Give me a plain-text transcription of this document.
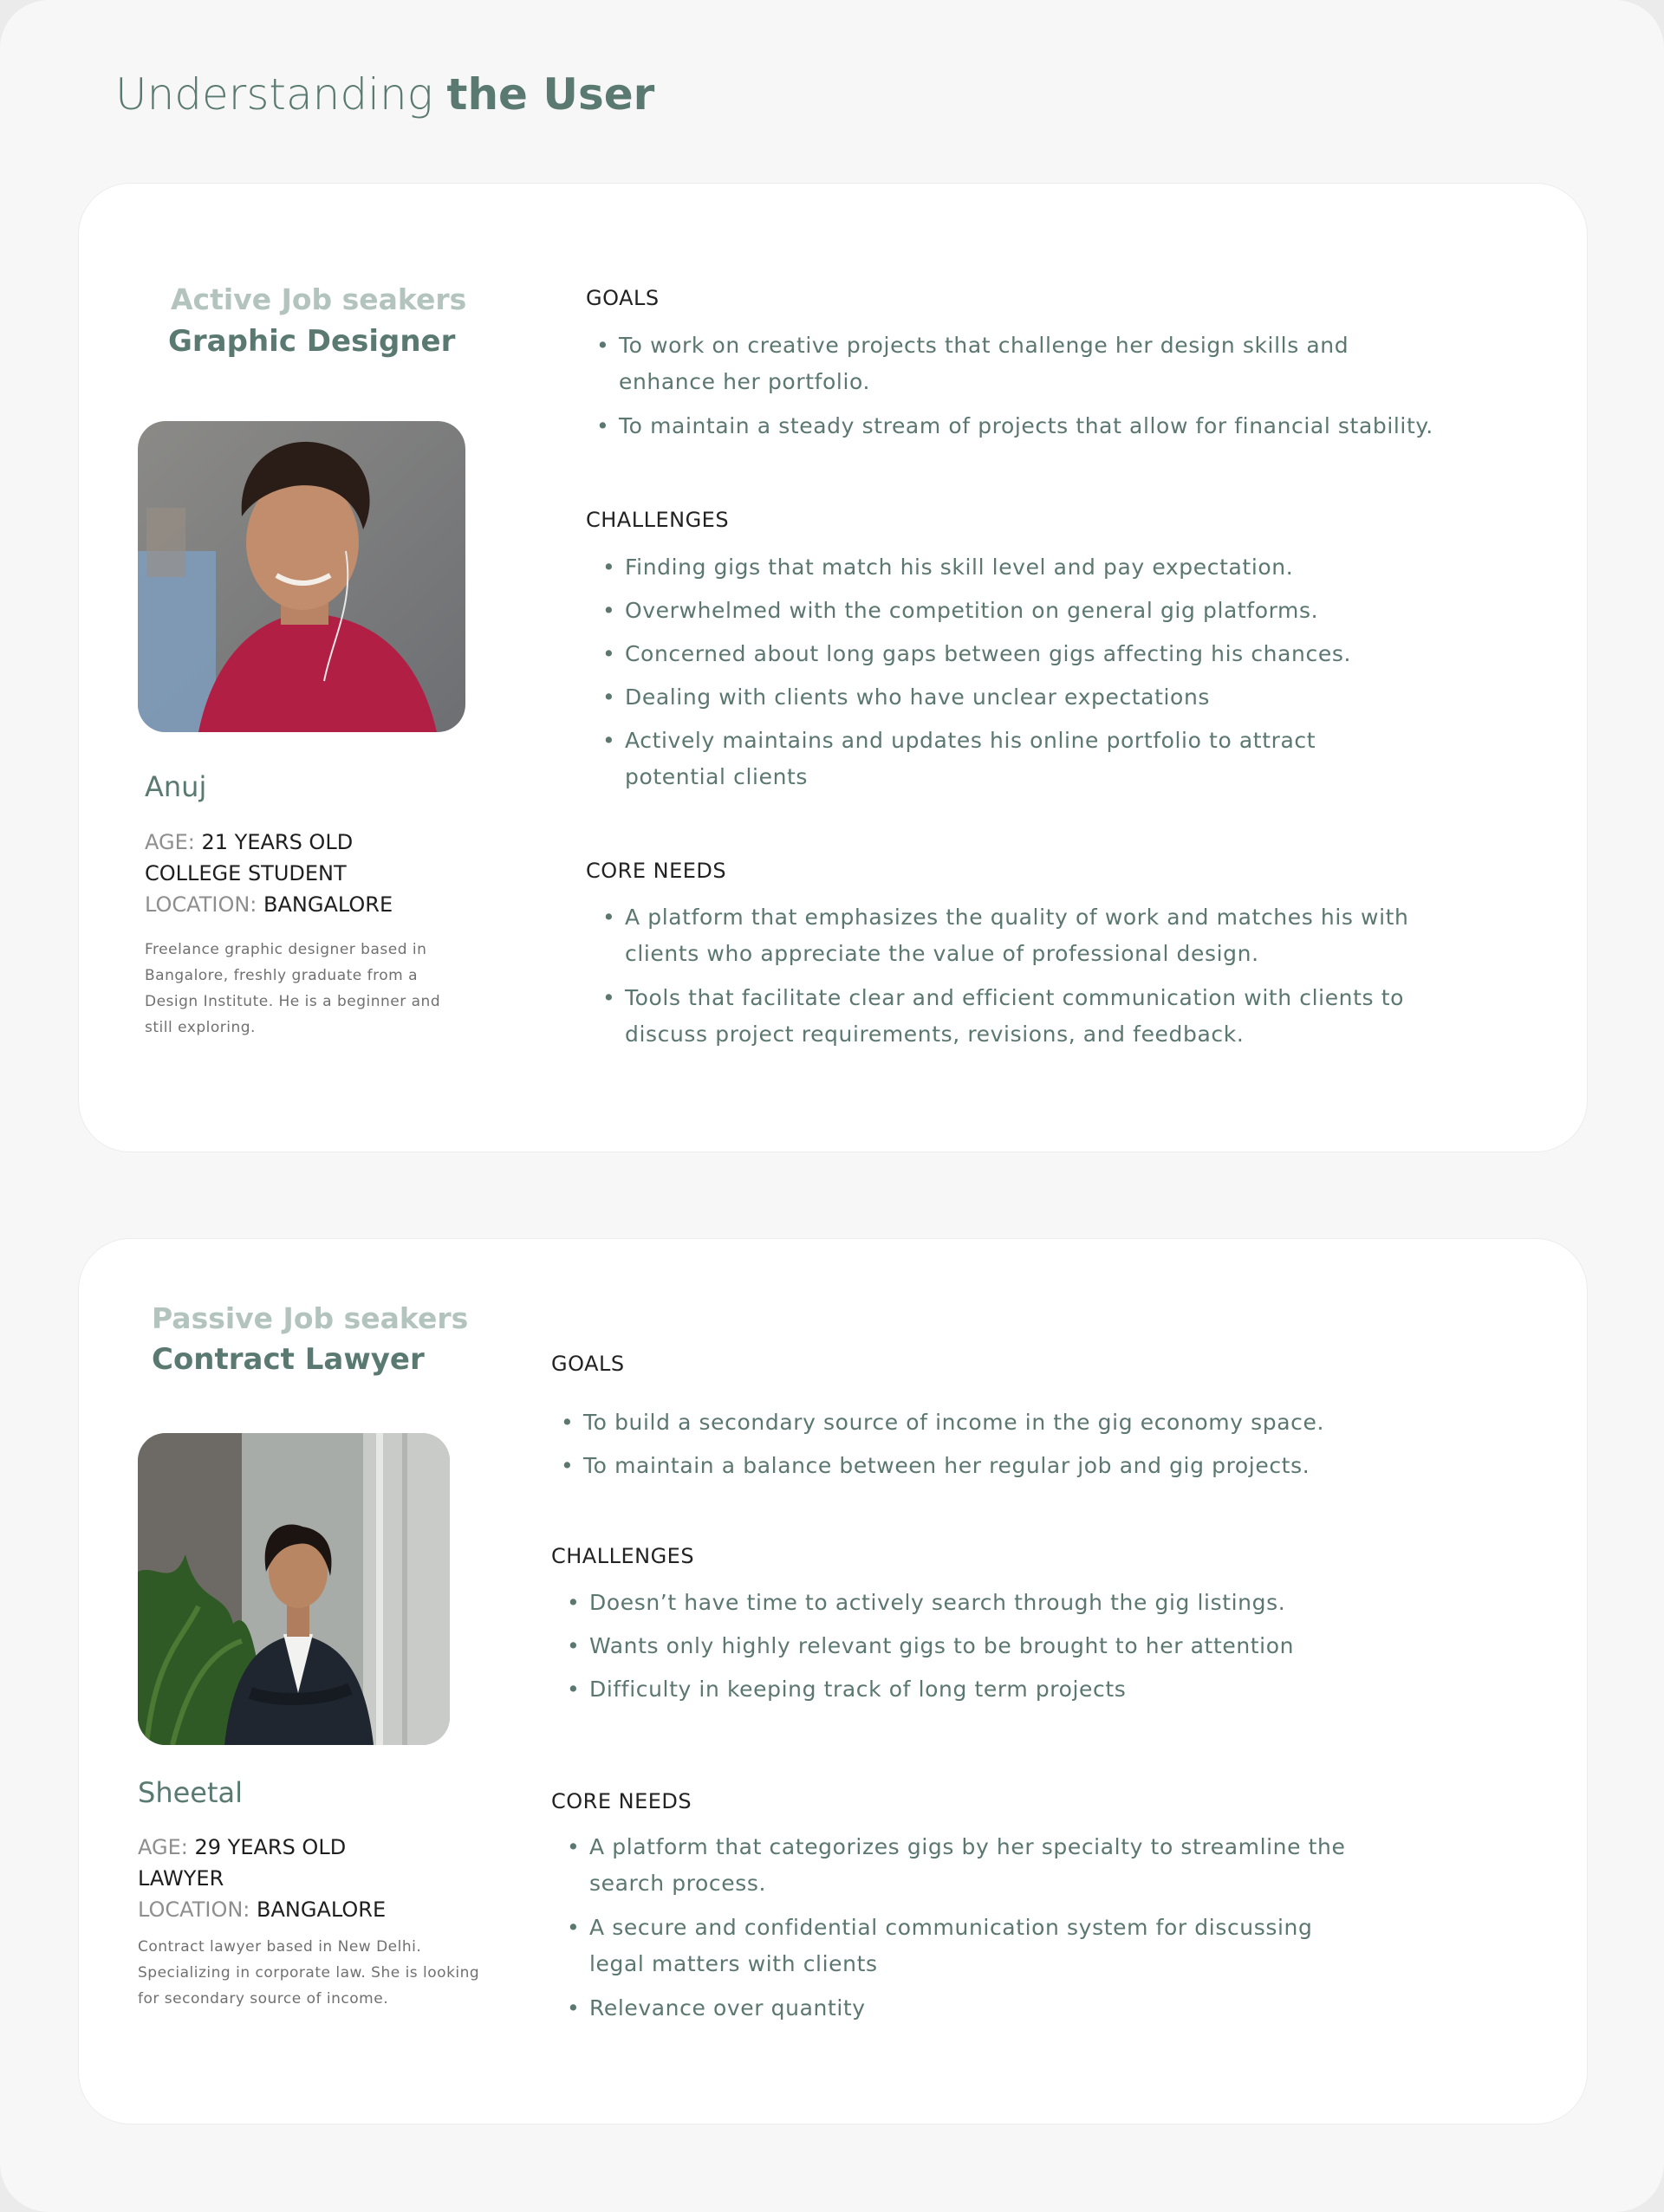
Understanding the User
Active Job seakers
Graphic Designer
Anuj
AGE: 21 YEARS OLD
COLLEGE STUDENT
LOCATION: BANGALORE
Freelance graphic designer based in Bangalore, freshly graduate from a Design Institute. He is a beginner and still exploring.
GOALS
• To work on creative projects that challenge her design skills and enhance her portfolio.
• To maintain a steady stream of projects that allow for financial stability.
CHALLENGES
• Finding gigs that match his skill level and pay expectation.
• Overwhelmed with the competition on general gig platforms.
• Concerned about long gaps between gigs affecting his chances.
• Dealing with clients who have unclear expectations
• Actively maintains and updates his online portfolio to attract potential clients
CORE NEEDS
• A platform that emphasizes the quality of work and matches his with clients who appreciate the value of professional design.
• Tools that facilitate clear and efficient communication with clients to discuss project requirements, revisions, and feedback.
Passive Job seakers
Contract Lawyer
Sheetal
AGE: 29 YEARS OLD
LAWYER
LOCATION: BANGALORE
Contract lawyer based in New Delhi. Specializing in corporate law. She is looking for secondary source of income.
GOALS
• To build a secondary source of income in the gig economy space.
• To maintain a balance between her regular job and gig projects.
CHALLENGES
• Doesn’t have time to actively search through the gig listings.
• Wants only highly relevant gigs to be brought to her attention
• Difficulty in keeping track of long term projects
CORE NEEDS
• A platform that categorizes gigs by her specialty to streamline the search process.
• A secure and confidential communication system for discussing legal matters with clients
• Relevance over quantity
